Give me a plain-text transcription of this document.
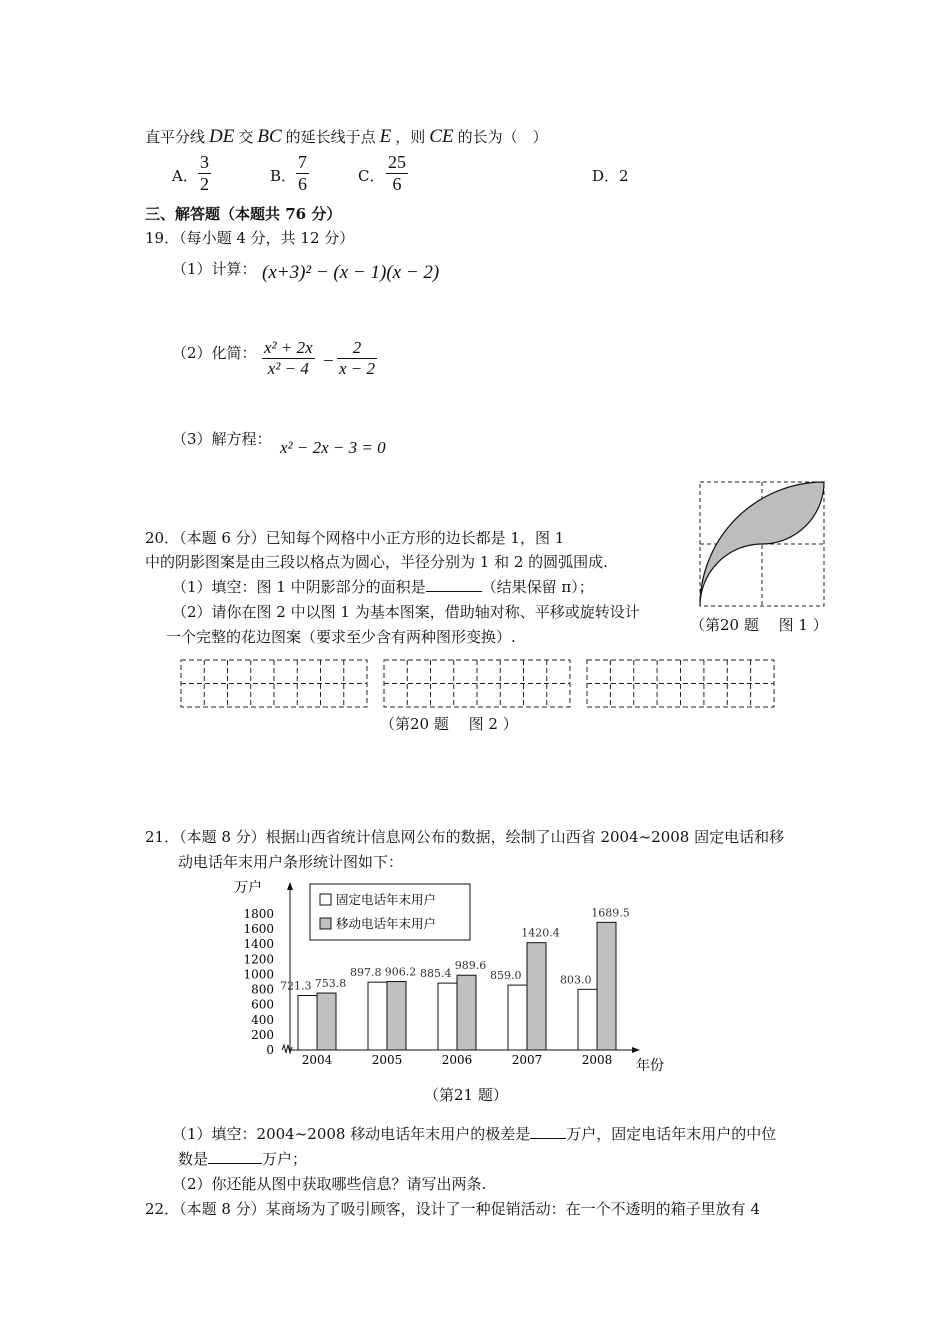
直平分线 DE 交 BC 的延长线于点 E ，则 CE 的长为（　）
A． $\frac{3}{2}$	B． $\frac{7}{6}$	C． $\frac{25}{6}$	D．2
三、解答题（本题共 76 分）
19．（每小题 4 分，共 12 分）
（1）计算： (x+3)² − (x − 1)(x − 2)
（2）化简： $\frac{\text{x² + 2x}}{\text{x² − 4}} - \frac{2}{x - 2}$
（3）解方程： x² − 2x − 3 = 0
20．（本题 6 分）已知每个网格中小正方形的边长都是 1，图 1
中的阴影图案是由三段以格点为圆心，半径分别为 1 和 2 的圆弧围成.
（1）填空：图 1 中阴影部分的面积是	（结果保留 π）；
（2）请你在图 2 中以图 1 为基本图案，借助轴对称、平移或旋转设计
一个完整的花边图案（要求至少含有两种图形变换）.
（第20 题　 图 1 ）
（第20 题　 图 2 ）
21．（本题 8 分）根据山西省统计信息网公布的数据，绘制了山西省 2004~2008 固定电话和移
动电话年末用户条形统计图如下：
万户
年份
0
200
400
600
800
1000
1200
1400
1600
1800
721.3 753.8
897.8 906.2 885.4
989.6
859.0
1420.4
803.0
1689.5
2004	2005	2006	2007	2008
固定电话年末用户
移动电话年末用户
（第21 题）
（1）填空：2004~2008 移动电话年末用户的极差是 万户，固定电话年末用户的中位
数是	万户；
（2）你还能从图中获取哪些信息？请写出两条.
22．（本题 8 分）某商场为了吸引顾客，设计了一种促销活动：在一个不透明的箱子里放有 4
